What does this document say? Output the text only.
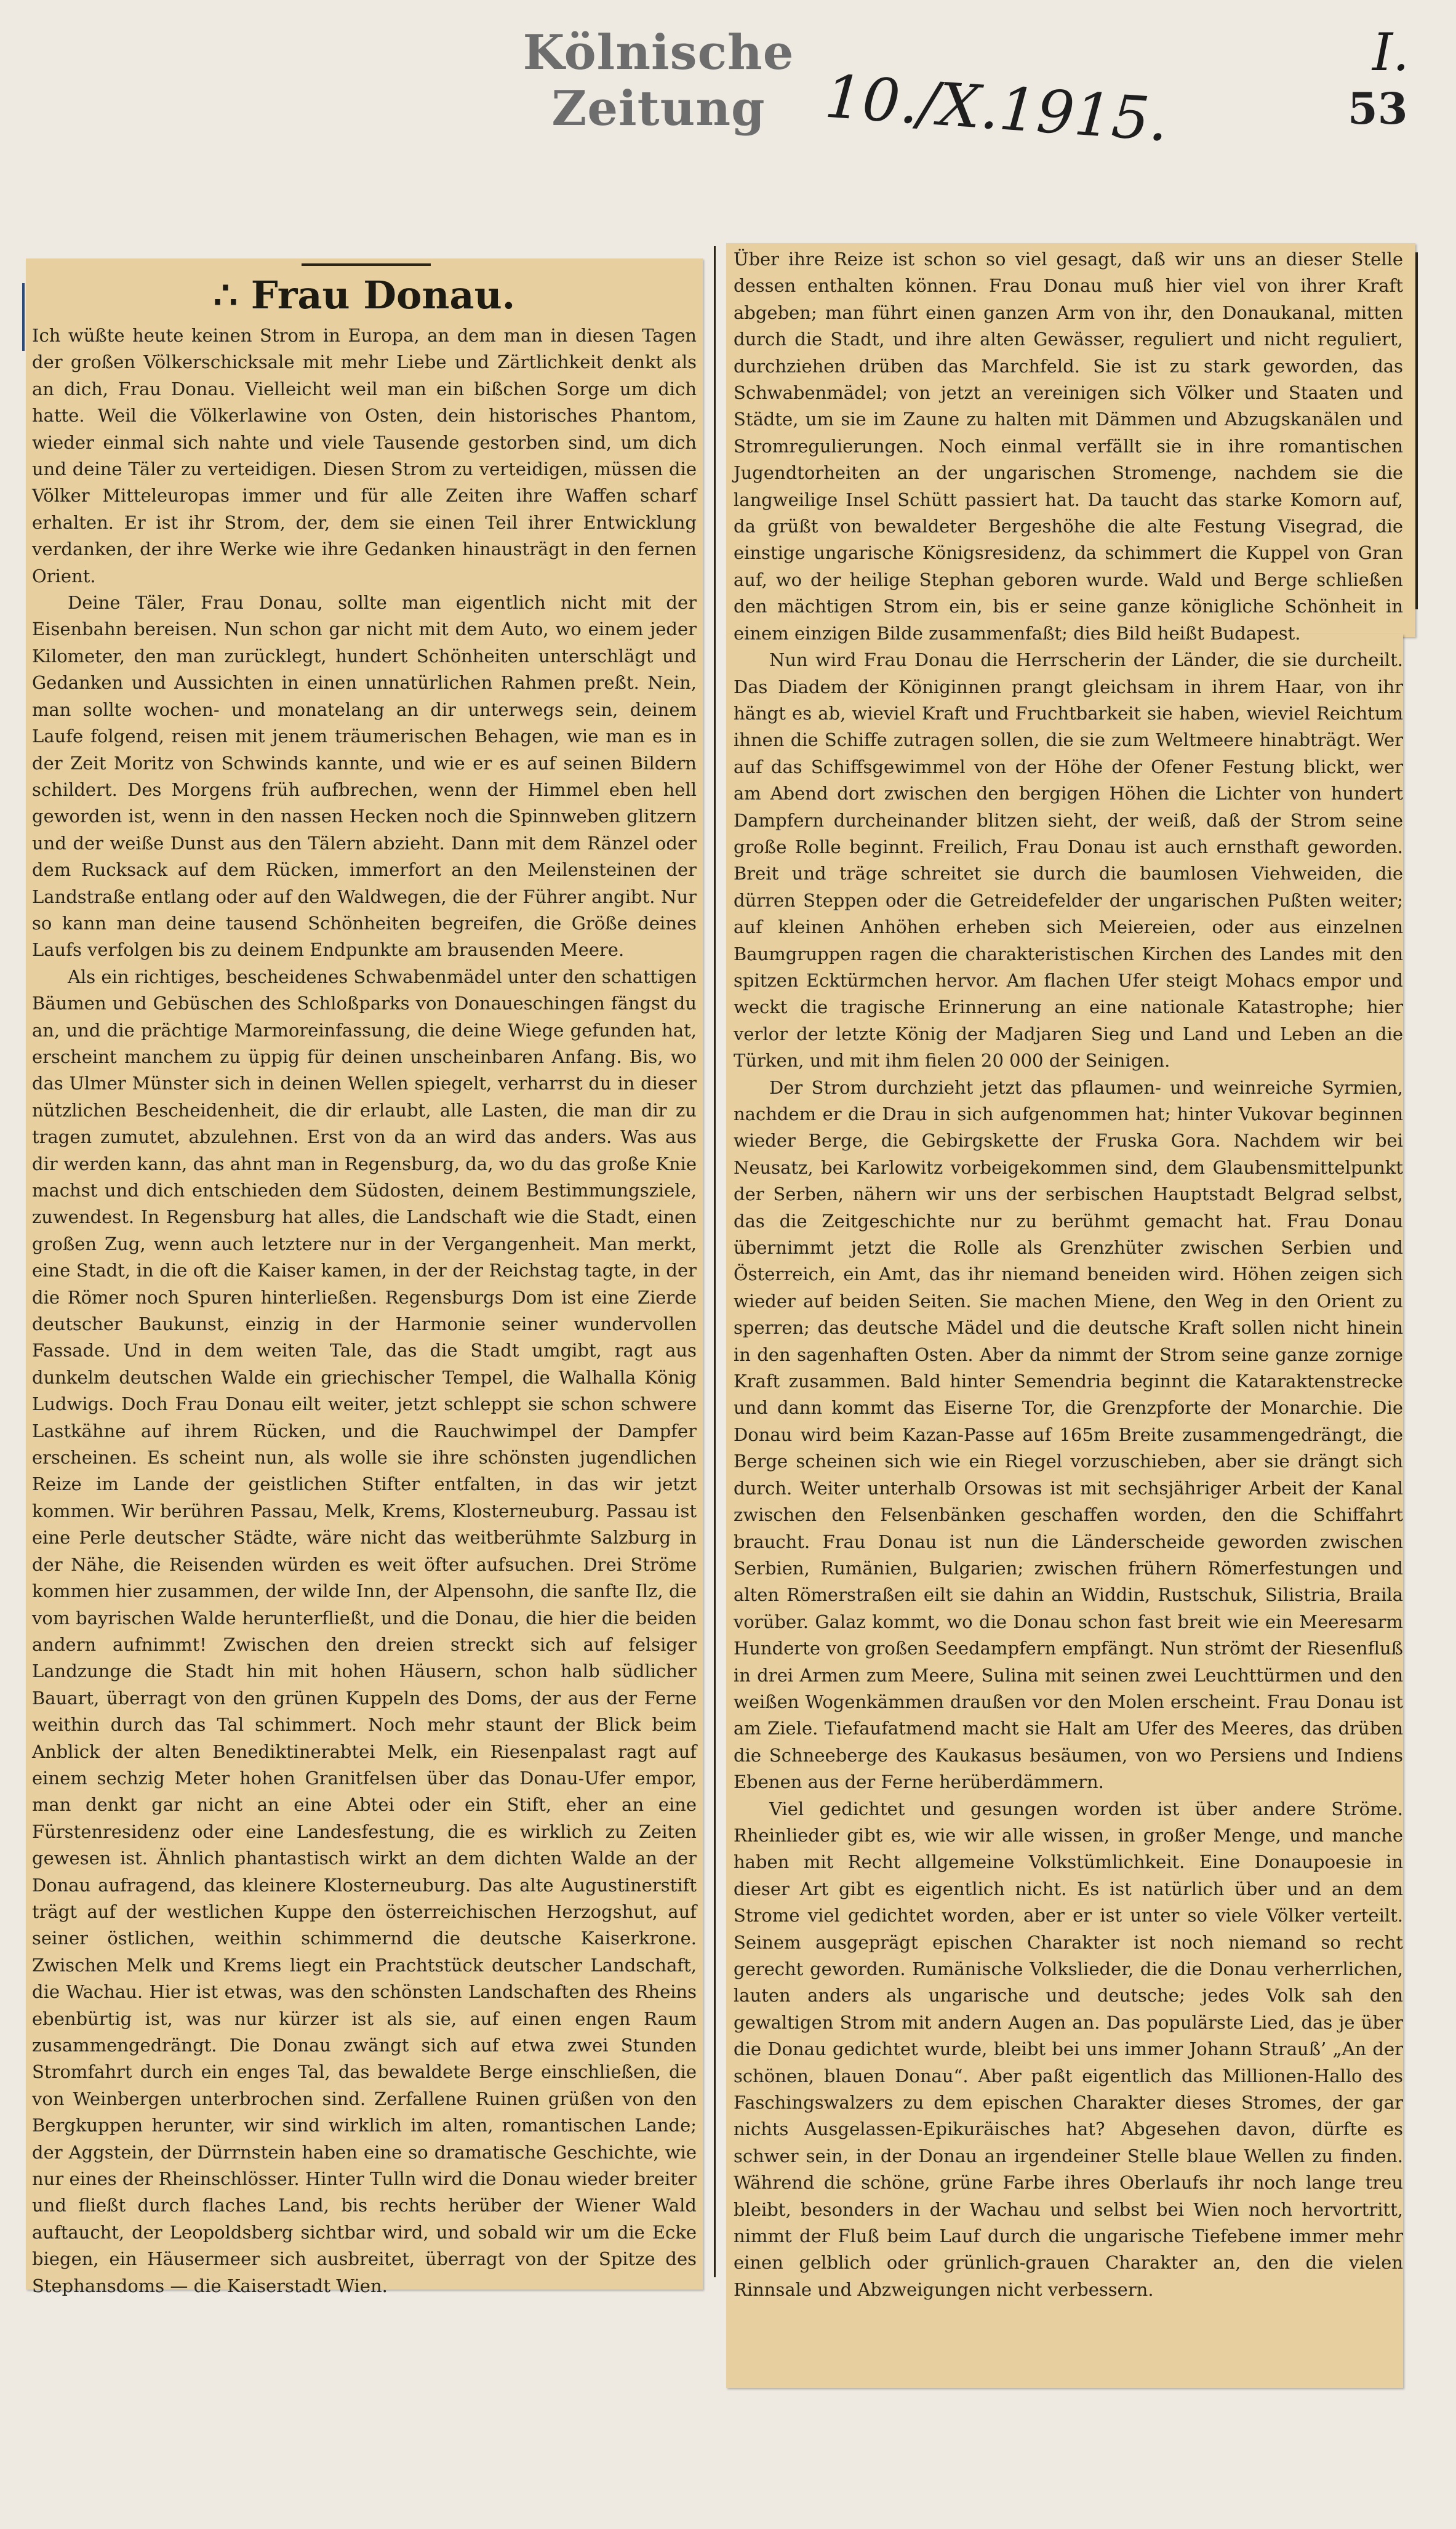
Kölnische Zeitung 10./X.1915.
I.
53
∴ Frau Donau.

Ich wüßte heute keinen Strom in Europa, an dem man in diesen Tagen der großen Völkerschicksale mit mehr Liebe und Zärtlichkeit denkt als an dich, Frau Donau. Vielleicht weil man ein bißchen Sorge um dich hatte. Weil die Völkerlawine von Osten, dein historisches Phantom, wieder einmal sich nahte und viele Tausende gestorben sind, um dich und deine Täler zu verteidigen. Diesen Strom zu verteidigen, müssen die Völker Mitteleuropas immer und für alle Zeiten ihre Waffen scharf erhalten. Er ist ihr Strom, der, dem sie einen Teil ihrer Entwicklung verdanken, der ihre Werke wie ihre Gedanken hinausträgt in den fernen Orient.

Deine Täler, Frau Donau, sollte man eigentlich nicht mit der Eisenbahn bereisen. Nun schon gar nicht mit dem Auto, wo einem jeder Kilometer, den man zurücklegt, hundert Schönheiten unterschlägt und Gedanken und Aussichten in einen unnatürlichen Rahmen preßt. Nein, man sollte wochen- und monatelang an dir unterwegs sein, deinem Laufe folgend, reisen mit jenem träumerischen Behagen, wie man es in der Zeit Moritz von Schwinds kannte, und wie er es auf seinen Bildern schildert. Des Morgens früh aufbrechen, wenn der Himmel eben hell geworden ist, wenn in den nassen Hecken noch die Spinnweben glitzern und der weiße Dunst aus den Tälern abzieht. Dann mit dem Ränzel oder dem Rucksack auf dem Rücken, immerfort an den Meilensteinen der Landstraße entlang oder auf den Waldwegen, die der Führer angibt. Nur so kann man deine tausend Schönheiten begreifen, die Größe deines Laufs verfolgen bis zu deinem Endpunkte am brausenden Meere.

Als ein richtiges, bescheidenes Schwabenmädel unter den schattigen Bäumen und Gebüschen des Schloßparks von Donaueschingen fängst du an, und die prächtige Marmoreinfassung, die deine Wiege gefunden hat, erscheint manchem zu üppig für deinen unscheinbaren Anfang. Bis, wo das Ulmer Münster sich in deinen Wellen spiegelt, verharrst du in dieser nützlichen Bescheidenheit, die dir erlaubt, alle Lasten, die man dir zu tragen zumutet, abzulehnen. Erst von da an wird das anders. Was aus dir werden kann, das ahnt man in Regensburg, da, wo du das große Knie machst und dich entschieden dem Südosten, deinem Bestimmungsziele, zuwendest. In Regensburg hat alles, die Landschaft wie die Stadt, einen großen Zug, wenn auch letztere nur in der Vergangenheit. Man merkt, eine Stadt, in die oft die Kaiser kamen, in der der Reichstag tagte, in der die Römer noch Spuren hinterließen. Regensburgs Dom ist eine Zierde deutscher Baukunst, einzig in der Harmonie seiner wundervollen Fassade. Und in dem weiten Tale, das die Stadt umgibt, ragt aus dunkelm deutschen Walde ein griechischer Tempel, die Walhalla König Ludwigs. Doch Frau Donau eilt weiter, jetzt schleppt sie schon schwere Lastkähne auf ihrem Rücken, und die Rauchwimpel der Dampfer erscheinen. Es scheint nun, als wolle sie ihre schönsten jugendlichen Reize im Lande der geistlichen Stifter entfalten, in das wir jetzt kommen. Wir berühren Passau, Melk, Krems, Klosterneuburg. Passau ist eine Perle deutscher Städte, wäre nicht das weitberühmte Salzburg in der Nähe, die Reisenden würden es weit öfter aufsuchen. Drei Ströme kommen hier zusammen, der wilde Inn, der Alpensohn, die sanfte Ilz, die vom bayrischen Walde herunterfließt, und die Donau, die hier die beiden andern aufnimmt! Zwischen den dreien streckt sich auf felsiger Landzunge die Stadt hin mit hohen Häusern, schon halb südlicher Bauart, überragt von den grünen Kuppeln des Doms, der aus der Ferne weithin durch das Tal schimmert. Noch mehr staunt der Blick beim Anblick der alten Benediktinerabtei Melk, ein Riesenpalast ragt auf einem sechzig Meter hohen Granitfelsen über das Donau-Ufer empor, man denkt gar nicht an eine Abtei oder ein Stift, eher an eine Fürstenresidenz oder eine Landesfestung, die es wirklich zu Zeiten gewesen ist. Ähnlich phantastisch wirkt an dem dichten Walde an der Donau aufragend, das kleinere Klosterneuburg. Das alte Augustinerstift trägt auf der westlichen Kuppe den österreichischen Herzogshut, auf seiner östlichen, weithin schimmernd die deutsche Kaiserkrone. Zwischen Melk und Krems liegt ein Prachtstück deutscher Landschaft, die Wachau. Hier ist etwas, was den schönsten Landschaften des Rheins ebenbürtig ist, was nur kürzer ist als sie, auf einen engen Raum zusammengedrängt. Die Donau zwängt sich auf etwa zwei Stunden Stromfahrt durch ein enges Tal, das bewaldete Berge einschließen, die von Weinbergen unterbrochen sind. Zerfallene Ruinen grüßen von den Bergkuppen herunter, wir sind wirklich im alten, romantischen Lande; der Aggstein, der Dürrnstein haben eine so dramatische Geschichte, wie nur eines der Rheinschlösser. Hinter Tulln wird die Donau wieder breiter und fließt durch flaches Land, bis rechts herüber der Wiener Wald auftaucht, der Leopoldsberg sichtbar wird, und sobald wir um die Ecke biegen, ein Häusermeer sich ausbreitet, überragt von der Spitze des Stephansdoms — die Kaiserstadt Wien.

Über ihre Reize ist schon so viel gesagt, daß wir uns an dieser Stelle dessen enthalten können. Frau Donau muß hier viel von ihrer Kraft abgeben; man führt einen ganzen Arm von ihr, den Donaukanal, mitten durch die Stadt, und ihre alten Gewässer, reguliert und nicht reguliert, durchziehen drüben das Marchfeld. Sie ist zu stark geworden, das Schwabenmädel; von jetzt an vereinigen sich Völker und Staaten und Städte, um sie im Zaune zu halten mit Dämmen und Abzugskanälen und Stromregulierungen. Noch einmal verfällt sie in ihre romantischen Jugendtorheiten an der ungarischen Stromenge, nachdem sie die langweilige Insel Schütt passiert hat. Da taucht das starke Komorn auf, da grüßt von bewaldeter Bergeshöhe die alte Festung Visegrad, die einstige ungarische Königsresidenz, da schimmert die Kuppel von Gran auf, wo der heilige Stephan geboren wurde. Wald und Berge schließen den mächtigen Strom ein, bis er seine ganze königliche Schönheit in einem einzigen Bilde zusammenfaßt; dies Bild heißt Budapest.

Nun wird Frau Donau die Herrscherin der Länder, die sie durcheilt. Das Diadem der Königinnen prangt gleichsam in ihrem Haar, von ihr hängt es ab, wieviel Kraft und Fruchtbarkeit sie haben, wieviel Reichtum ihnen die Schiffe zutragen sollen, die sie zum Weltmeere hinabträgt. Wer auf das Schiffsgewimmel von der Höhe der Ofener Festung blickt, wer am Abend dort zwischen den bergigen Höhen die Lichter von hundert Dampfern durcheinander blitzen sieht, der weiß, daß der Strom seine große Rolle beginnt. Freilich, Frau Donau ist auch ernsthaft geworden. Breit und träge schreitet sie durch die baumlosen Viehweiden, die dürren Steppen oder die Getreidefelder der ungarischen Pußten weiter; auf kleinen Anhöhen erheben sich Meiereien, oder aus einzelnen Baumgruppen ragen die charakteristischen Kirchen des Landes mit den spitzen Ecktürmchen hervor. Am flachen Ufer steigt Mohacs empor und weckt die tragische Erinnerung an eine nationale Katastrophe; hier verlor der letzte König der Madjaren Sieg und Land und Leben an die Türken, und mit ihm fielen 20 000 der Seinigen.

Der Strom durchzieht jetzt das pflaumen- und weinreiche Syrmien, nachdem er die Drau in sich aufgenommen hat; hinter Vukovar beginnen wieder Berge, die Gebirgskette der Fruska Gora. Nachdem wir bei Neusatz, bei Karlowitz vorbeigekommen sind, dem Glaubensmittelpunkt der Serben, nähern wir uns der serbischen Hauptstadt Belgrad selbst, das die Zeitgeschichte nur zu berühmt gemacht hat. Frau Donau übernimmt jetzt die Rolle als Grenzhüter zwischen Serbien und Österreich, ein Amt, das ihr niemand beneiden wird. Höhen zeigen sich wieder auf beiden Seiten. Sie machen Miene, den Weg in den Orient zu sperren; das deutsche Mädel und die deutsche Kraft sollen nicht hinein in den sagenhaften Osten. Aber da nimmt der Strom seine ganze zornige Kraft zusammen. Bald hinter Semendria beginnt die Kataraktenstrecke und dann kommt das Eiserne Tor, die Grenzpforte der Monarchie. Die Donau wird beim Kazan-Passe auf 165m Breite zusammengedrängt, die Berge scheinen sich wie ein Riegel vorzuschieben, aber sie drängt sich durch. Weiter unterhalb Orsowas ist mit sechsjähriger Arbeit der Kanal zwischen den Felsenbänken geschaffen worden, den die Schiffahrt braucht. Frau Donau ist nun die Länderscheide geworden zwischen Serbien, Rumänien, Bulgarien; zwischen frühern Römerfestungen und alten Römerstraßen eilt sie dahin an Widdin, Rustschuk, Silistria, Braila vorüber. Galaz kommt, wo die Donau schon fast breit wie ein Meeresarm Hunderte von großen Seedampfern empfängt. Nun strömt der Riesenfluß in drei Armen zum Meere, Sulina mit seinen zwei Leuchttürmen und den weißen Wogenkämmen draußen vor den Molen erscheint. Frau Donau ist am Ziele. Tiefaufatmend macht sie Halt am Ufer des Meeres, das drüben die Schneeberge des Kaukasus besäumen, von wo Persiens und Indiens Ebenen aus der Ferne herüberdämmern.

Viel gedichtet und gesungen worden ist über andere Ströme. Rheinlieder gibt es, wie wir alle wissen, in großer Menge, und manche haben mit Recht allgemeine Volkstümlichkeit. Eine Donaupoesie in dieser Art gibt es eigentlich nicht. Es ist natürlich über und an dem Strome viel gedichtet worden, aber er ist unter so viele Völker verteilt. Seinem ausgeprägt epischen Charakter ist noch niemand so recht gerecht geworden. Rumänische Volkslieder, die die Donau verherrlichen, lauten anders als ungarische und deutsche; jedes Volk sah den gewaltigen Strom mit andern Augen an. Das populärste Lied, das je über die Donau gedichtet wurde, bleibt bei uns immer Johann Strauß’ „An der schönen, blauen Donau“. Aber paßt eigentlich das Millionen-Hallo des Faschingswalzers zu dem epischen Charakter dieses Stromes, der gar nichts Ausgelassen-Epikuräisches hat? Abgesehen davon, dürfte es schwer sein, in der Donau an irgendeiner Stelle blaue Wellen zu finden. Während die schöne, grüne Farbe ihres Oberlaufs ihr noch lange treu bleibt, besonders in der Wachau und selbst bei Wien noch hervortritt, nimmt der Fluß beim Lauf durch die ungarische Tiefebene immer mehr einen gelblich oder grünlich-grauen Charakter an, den die vielen Rinnsale und Abzweigungen nicht verbessern.
